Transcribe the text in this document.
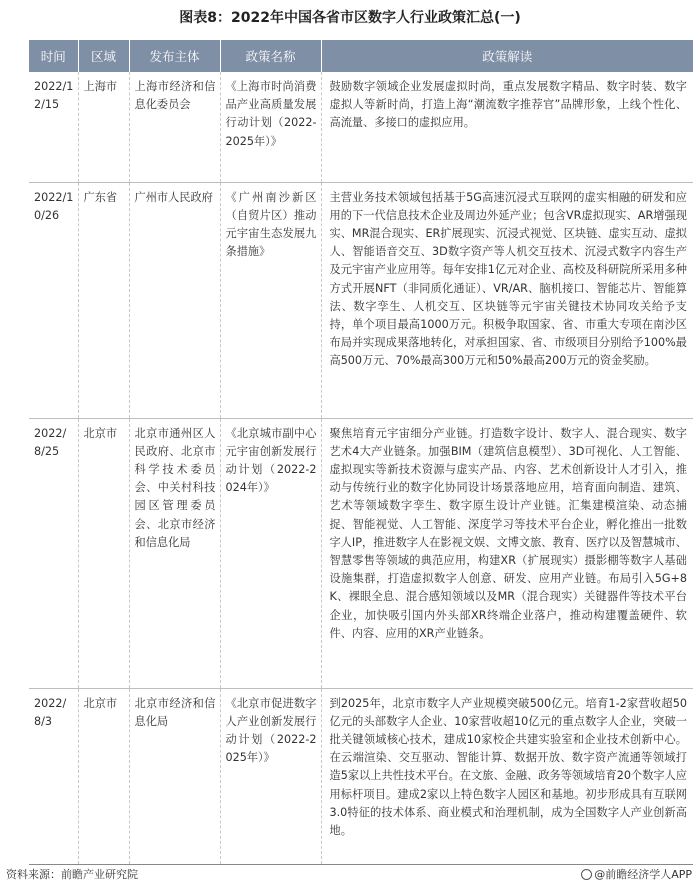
图表8：2022年中国各省市区数字人行业政策汇总(一)
时间	区域	发布主体	政策名称	政策解读
2022/12/15	上海市	上海市经济和信息化委员会	《上海市时尚消费品产业高质量发展行动计划（2022-2025年）》	鼓励数字领域企业发展虚拟时尚，重点发展数字精品、数字时装、数字虚拟人等新时尚，打造上海“潮流数字推荐官”品牌形象，上线个性化、高流量、多接口的虚拟应用。
2022/10/26	广东省	广州市人民政府	《广州南沙新区（自贸片区）推动元宇宙生态发展九条措施》	主营业务技术领域包括基于5G高速沉浸式互联网的虚实相融的研发和应用的下一代信息技术企业及周边外延产业；包含VR虚拟现实、AR增强现实、MR混合现实、ER扩展现实、沉浸式视觉、区块链、虚实互动、虚拟人、智能语音交互、3D数字资产等人机交互技术、沉浸式数字内容生产及元宇宙产业应用等。每年安排1亿元对企业、高校及科研院所采用多种方式开展NFT（非同质化通证）、VR/AR、脑机接口、智能芯片、智能算法、数字孪生、人机交互、区块链等元宇宙关键技术协同攻关给予支持，单个项目最高1000万元。积极争取国家、省、市重大专项在南沙区布局并实现成果落地转化，对承担国家、省、市级项目分别给予100%最高500万元、70%最高300万元和50%最高200万元的资金奖励。
2022/8/25	北京市	北京市通州区人民政府、北京市科学技术委员会、中关村科技园区管理委员会、北京市经济和信息化局	《北京城市副中心元宇宙创新发展行动计划（2022-2024年）》	聚焦培育元宇宙细分产业链。打造数字设计、数字人、混合现实、数字艺术4大产业链条。加强BIM（建筑信息模型）、3D可视化、人工智能、虚拟现实等新技术资源与虚实产品、内容、艺术创新设计人才引入，推动与传统行业的数字化协同设计场景落地应用，培育面向制造、建筑、艺术等领域数字孪生、数字原生设计产业链。汇集建模渲染、动态捕捉、智能视觉、人工智能、深度学习等技术平台企业，孵化推出一批数字人IP，推进数字人在影视文娱、文博文旅、教育、医疗以及智慧城市、智慧零售等领域的典范应用，构建XR（扩展现实）摄影棚等数字人基础设施集群，打造虚拟数字人创意、研发、应用产业链。布局引入5G+8K、裸眼全息、混合感知领域以及MR（混合现实）关键器件等技术平台企业，加快吸引国内外头部XR终端企业落户，推动构建覆盖硬件、软件、内容、应用的XR产业链条。
2022/8/3	北京市	北京市经济和信息化局	《北京市促进数字人产业创新发展行动计划（2022-2025年）》	到2025年，北京市数字人产业规模突破500亿元。培育1-2家营收超50亿元的头部数字人企业、10家营收超10亿元的重点数字人企业，突破一批关键领域核心技术，建成10家校企共建实验室和企业技术创新中心。在云端渲染、交互驱动、智能计算、数据开放、数字资产流通等领域打造5家以上共性技术平台。在文旅、金融、政务等领域培育20个数字人应用标杆项目。建成2家以上特色数字人园区和基地。初步形成具有互联网3.0特征的技术体系、商业模式和治理机制，成为全国数字人产业创新高地。
资料来源：前瞻产业研究院	@前瞻经济学人APP
